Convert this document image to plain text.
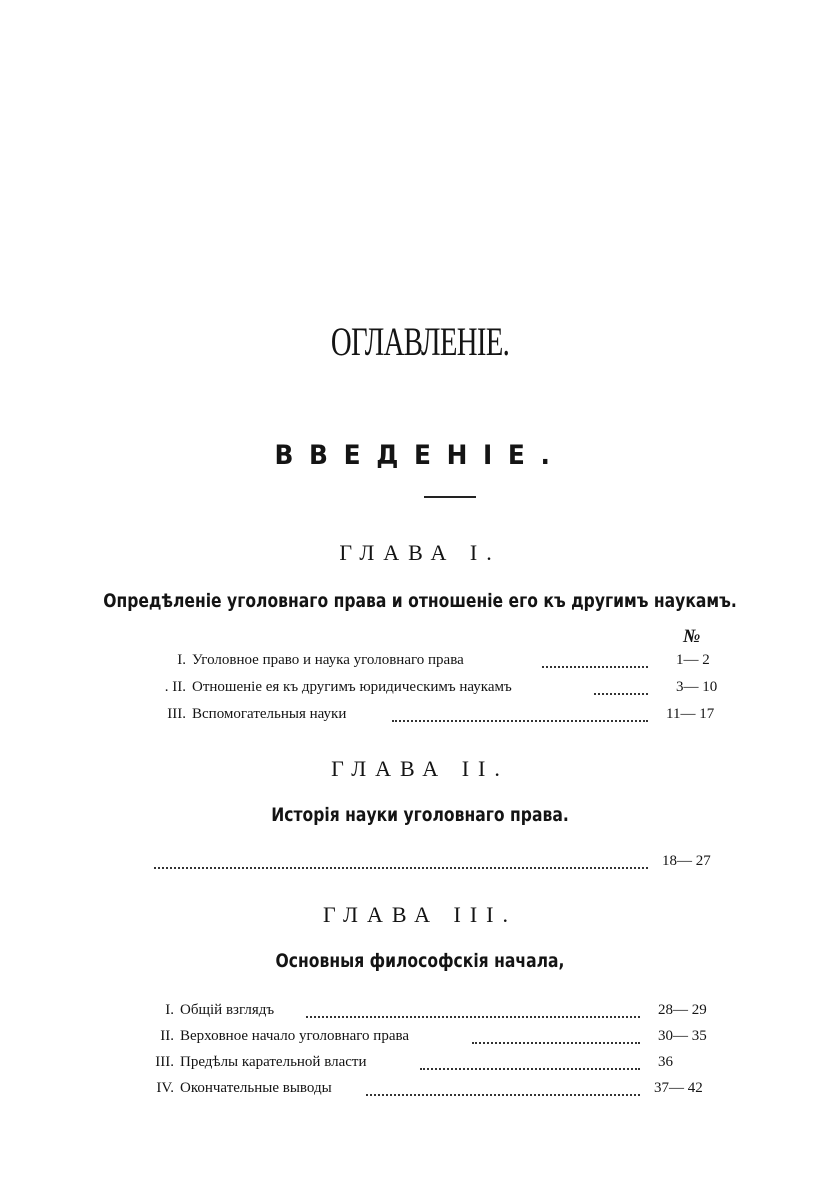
ОГЛАВЛЕНІЕ.
ВВЕДЕНІЕ.
ГЛАВА І.
Опредѣленіе уголовнаго права и отношеніе его къ другимъ наукамъ.
№
I. Уголовное право и наука уголовнаго права	1— 2
. II. Отношеніе ея къ другимъ юридическимъ наукамъ	3— 10
III. Вспомогательныя науки	11— 17
ГЛАВА II.
Исторія науки уголовнаго права.
18— 27
ГЛАВА III.
Основныя философскія начала,
I. Общій взглядъ	28— 29
II. Верховное начало уголовнаго права	30— 35
III. Предѣлы карательной власти	36
IV. Окончательные выводы	37— 42
